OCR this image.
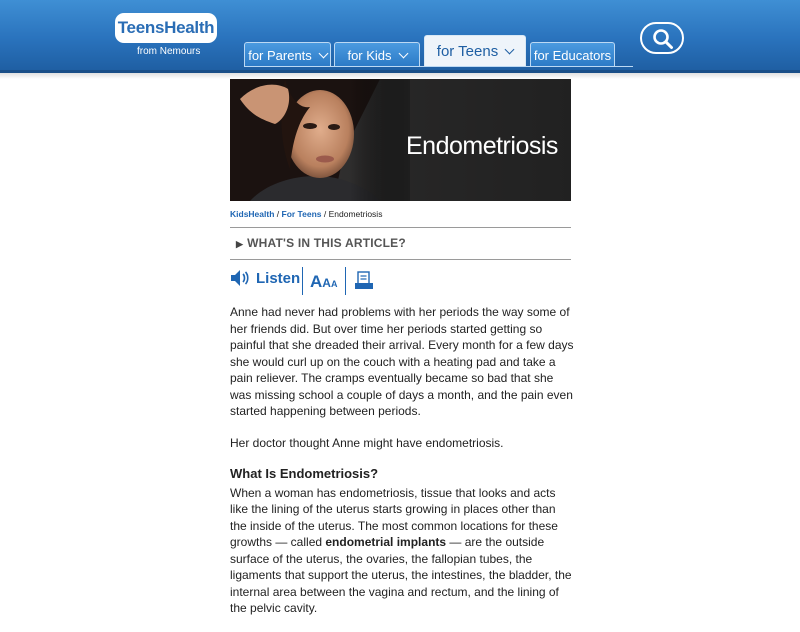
TeensHealth
from Nemours	for Parents	for Kids	for Teens	for Educators
Endometriosis
KidsHealth / For Teens / Endometriosis
▶ WHAT'S IN THIS ARTICLE?
Listen AAA

Anne had never had problems with her periods the way some of her friends did. But over time her periods started getting so painful that she dreaded their arrival. Every month for a few days she would curl up on the couch with a heating pad and take a pain reliever. The cramps eventually became so bad that she was missing school a couple of days a month, and the pain even started happening between periods.

Her doctor thought Anne might have endometriosis.

What Is Endometriosis?

When a woman has endometriosis, tissue that looks and acts like the lining of the uterus starts growing in places other than the inside of the uterus. The most common locations for these growths — called endometrial implants — are the outside surface of the uterus, the ovaries, the fallopian tubes, the ligaments that support the uterus, the intestines, the bladder, the internal area between the vagina and rectum, and the lining of the pelvic cavity.
